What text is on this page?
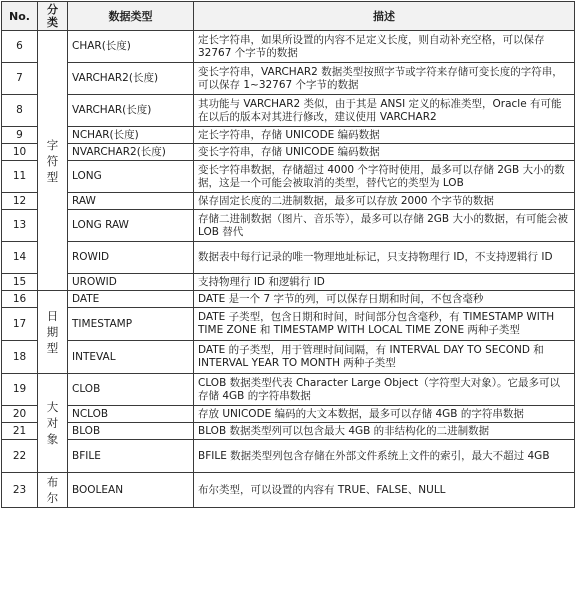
No.	分类	数据类型	描述
6	字符型	CHAR(长度)	定长字符串，如果所设置的内容不足定义长度，则自动补充空格，可以保存 32767 个字节的数据
7		VARCHAR2(长度)	变长字符串，VARCHAR2 数据类型按照字节或字符来存储可变长度的字符串，可以保存 1~32767 个字节的数据
8		VARCHAR(长度)	其功能与 VARCHAR2 类似，由于其是 ANSI 定义的标准类型，Oracle 有可能在以后的版本对其进行修改，建议使用 VARCHAR2
9		NCHAR(长度)	定长字符串，存储 UNICODE 编码数据
10		NVARCHAR2(长度)	变长字符串，存储 UNICODE 编码数据
11		LONG	变长字符串数据，存储超过 4000 个字符时使用，最多可以存储 2GB 大小的数据，这是一个可能会被取消的类型，替代它的类型为 LOB
12		RAW	保存固定长度的二进制数据，最多可以存放 2000 个字节的数据
13		LONG RAW	存储二进制数据（图片、音乐等），最多可以存储 2GB 大小的数据，有可能会被 LOB 替代
14		ROWID	数据表中每行记录的唯一物理地址标记，只支持物理行 ID，不支持逻辑行 ID
15		UROWID	支持物理行 ID 和逻辑行 ID
16	日期型	DATE	DATE 是一个 7 字节的列，可以保存日期和时间，不包含毫秒
17		TIMESTAMP	DATE 子类型，包含日期和时间，时间部分包含毫秒，有 TIMESTAMP WITH TIME ZONE 和 TIMESTAMP WITH LOCAL TIME ZONE 两种子类型
18		INTEVAL	DATE 的子类型，用于管理时间间隔，有 INTERVAL DAY TO SECOND 和 INTERVAL YEAR TO MONTH 两种子类型
19	大对象	CLOB	CLOB 数据类型代表 Character Large Object（字符型大对象）。它最多可以存储 4GB 的字符串数据
20		NCLOB	存放 UNICODE 编码的大文本数据，最多可以存储 4GB 的字符串数据
21		BLOB	BLOB 数据类型列可以包含最大 4GB 的非结构化的二进制数据
22		BFILE	BFILE 数据类型列包含存储在外部文件系统上文件的索引，最大不超过 4GB
23	布尔	BOOLEAN	布尔类型，可以设置的内容有 TRUE、FALSE、NULL
